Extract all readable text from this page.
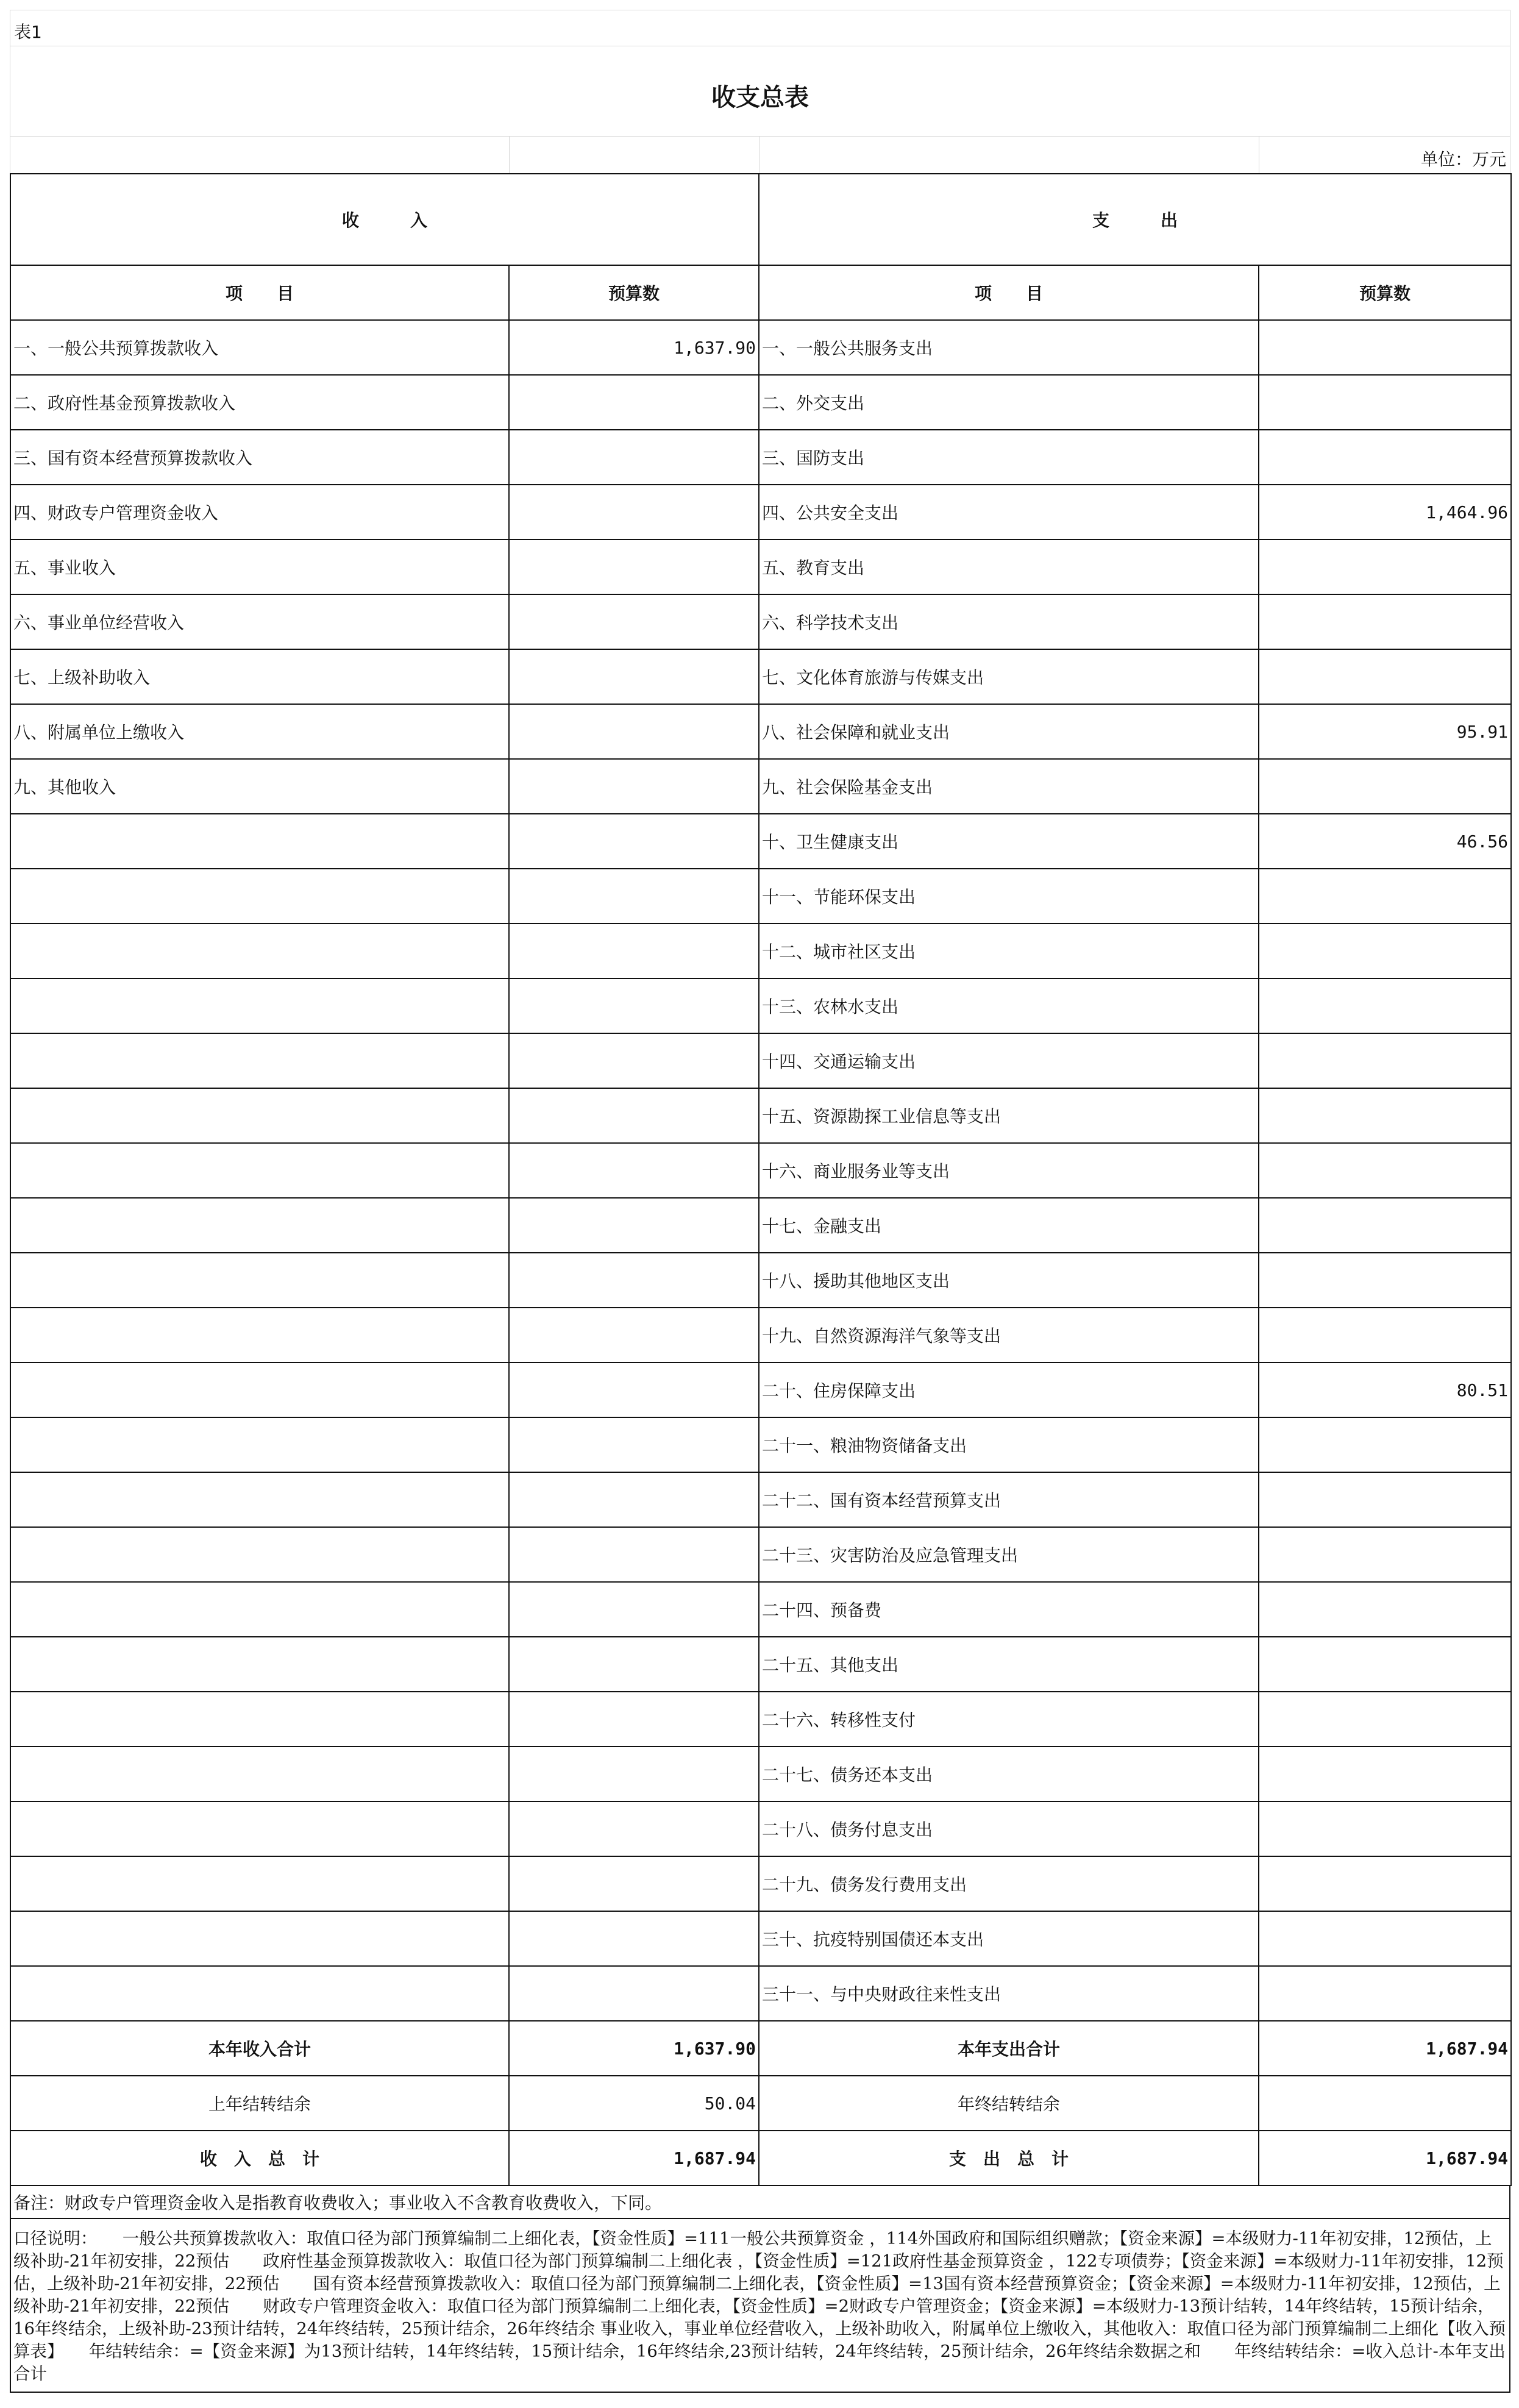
表1
收支总表
单位：万元
收　　　入		支　　　出	
项　　目	预算数	项　　目	预算数
一、一般公共预算拨款收入	1,637.90	一、一般公共服务支出	
二、政府性基金预算拨款收入		二、外交支出	
三、国有资本经营预算拨款收入		三、国防支出	
四、财政专户管理资金收入		四、公共安全支出	1,464.96
五、事业收入		五、教育支出	
六、事业单位经营收入		六、科学技术支出	
七、上级补助收入		七、文化体育旅游与传媒支出	
八、附属单位上缴收入		八、社会保障和就业支出	95.91
九、其他收入		九、社会保险基金支出	
		十、卫生健康支出	46.56
		十一、节能环保支出	
		十二、城市社区支出	
		十三、农林水支出	
		十四、交通运输支出	
		十五、资源勘探工业信息等支出	
		十六、商业服务业等支出	
		十七、金融支出	
		十八、援助其他地区支出	
		十九、自然资源海洋气象等支出	
		二十、住房保障支出	80.51
		二十一、粮油物资储备支出	
		二十二、国有资本经营预算支出	
		二十三、灾害防治及应急管理支出	
		二十四、预备费	
		二十五、其他支出	
		二十六、转移性支付	
		二十七、债务还本支出	
		二十八、债务付息支出	
		二十九、债务发行费用支出	
		三十、抗疫特别国债还本支出	
		三十一、与中央财政往来性支出	
本年收入合计	1,637.90	本年支出合计	1,687.94
上年结转结余	50.04	年终结转结余	
收　入　总　计	1,687.94	支　出　总　计	1,687.94
备注：财政专户管理资金收入是指教育收费收入；事业收入不含教育收费收入，下同。
口径说明：　　一般公共预算拨款收入：取值口径为部门预算编制二上细化表，【资金性质】=111一般公共预算资金 ，114外国政府和国际组织赠款；【资金来源】=本级财力-11年初安排，12预估，上级补助-21年初安排，22预估　　政府性基金预算拨款收入：取值口径为部门预算编制二上细化表 ，【资金性质】=121政府性基金预算资金 ，122专项债券；【资金来源】=本级财力-11年初安排，12预估，上级补助-21年初安排，22预估　　国有资本经营预算拨款收入：取值口径为部门预算编制二上细化表，【资金性质】=13国有资本经营预算资金；【资金来源】=本级财力-11年初安排，12预估，上级补助-21年初安排，22预估　　财政专户管理资金收入：取值口径为部门预算编制二上细化表，【资金性质】=2财政专户管理资金；【资金来源】=本级财力-13预计结转，14年终结转，15预计结余，16年终结余，上级补助-23预计结转，24年终结转，25预计结余，26年终结余 事业收入，事业单位经营收入，上级补助收入，附属单位上缴收入，其他收入：取值口径为部门预算编制二上细化【收入预算表】　　年结转结余：=【资金来源】为13预计结转，14年终结转，15预计结余，16年终结余,23预计结转，24年终结转，25预计结余，26年终结余数据之和　　年终结转结余：=收入总计-本年支出合计
